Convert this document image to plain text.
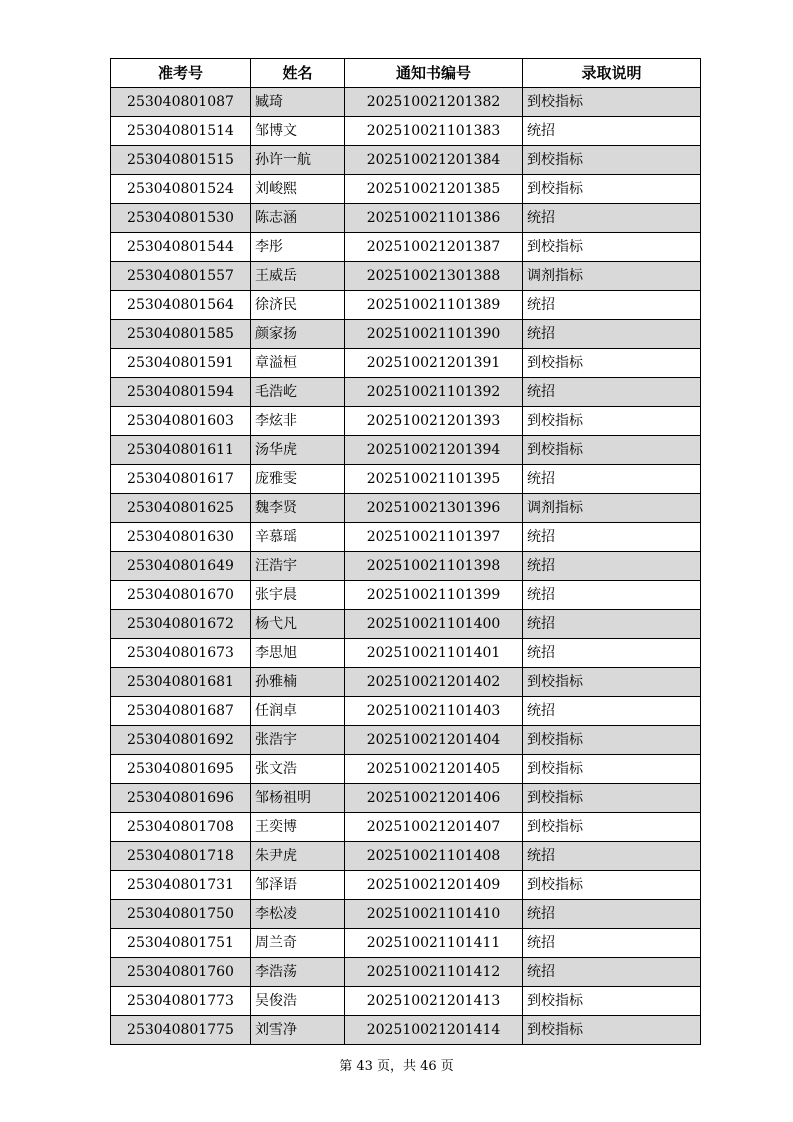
准考号	姓名	通知书编号	录取说明
253040801087	臧琦	202510021201382	到校指标
253040801514	邹博文	202510021101383	统招
253040801515	孙许一航	202510021201384	到校指标
253040801524	刘峻熙	202510021201385	到校指标
253040801530	陈志涵	202510021101386	统招
253040801544	李彤	202510021201387	到校指标
253040801557	王威岳	202510021301388	调剂指标
253040801564	徐济民	202510021101389	统招
253040801585	颜家扬	202510021101390	统招
253040801591	章溢桓	202510021201391	到校指标
253040801594	毛浩屹	202510021101392	统招
253040801603	李炫非	202510021201393	到校指标
253040801611	汤华虎	202510021201394	到校指标
253040801617	庞雅雯	202510021101395	统招
253040801625	魏李贤	202510021301396	调剂指标
253040801630	辛慕瑶	202510021101397	统招
253040801649	汪浩宇	202510021101398	统招
253040801670	张宇晨	202510021101399	统招
253040801672	杨弋凡	202510021101400	统招
253040801673	李思旭	202510021101401	统招
253040801681	孙雅楠	202510021201402	到校指标
253040801687	任润卓	202510021101403	统招
253040801692	张浩宇	202510021201404	到校指标
253040801695	张文浩	202510021201405	到校指标
253040801696	邹杨祖明	202510021201406	到校指标
253040801708	王奕博	202510021201407	到校指标
253040801718	朱尹虎	202510021101408	统招
253040801731	邹泽语	202510021201409	到校指标
253040801750	李松凌	202510021101410	统招
253040801751	周兰奇	202510021101411	统招
253040801760	李浩荡	202510021101412	统招
253040801773	吴俊浩	202510021201413	到校指标
253040801775	刘雪净	202510021201414	到校指标
第 43 页，共 46 页
